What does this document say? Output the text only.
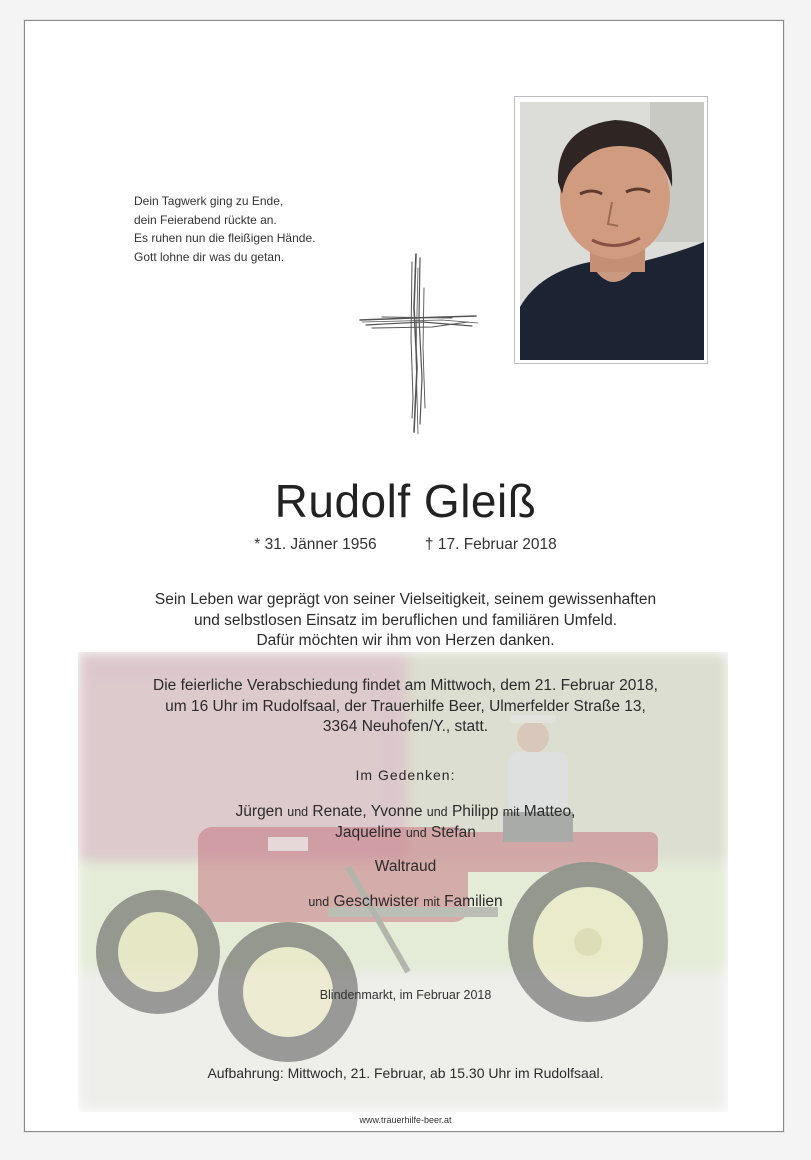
Dein Tagwerk ging zu Ende,
dein Feierabend rückte an.
Es ruhen nun die fleißigen Hände.
Gott lohne dir was du getan.
Rudolf Gleiß
* 31. Jänner 1956	† 17. Februar 2018
Sein Leben war geprägt von seiner Vielseitigkeit, seinem gewissenhaften
und selbstlosen Einsatz im beruflichen und familiären Umfeld.
Dafür möchten wir ihm von Herzen danken.
Die feierliche Verabschiedung findet am Mittwoch, dem 21. Februar 2018,
um 16 Uhr im Rudolfsaal, der Trauerhilfe Beer, Ulmerfelder Straße 13,
3364 Neuhofen/Y., statt.
Im Gedenken:
Jürgen und Renate, Yvonne und Philipp mit Matteo,
Jaqueline und Stefan
Waltraud
und Geschwister mit Familien
Blindenmarkt, im Februar 2018
Aufbahrung: Mittwoch, 21. Februar, ab 15.30 Uhr im Rudolfsaal.
www.trauerhilfe-beer.at
